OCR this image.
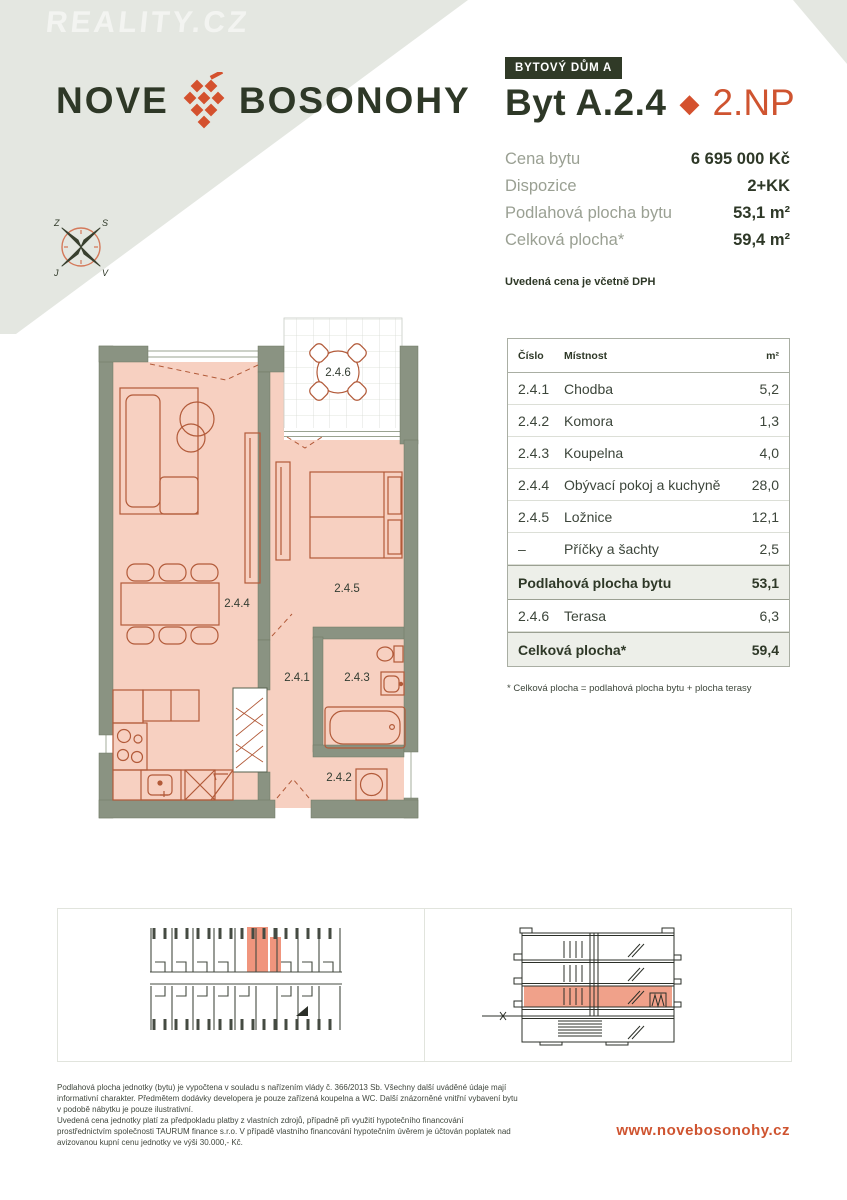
REALITY.CZ
NOVE BOSONOHY
Z	S
J	V
BYTOVÝ DŮM A
Byt A.2.4 ◆ 2.NP
Cena bytu	6 695 000 Kč
Dispozice	2+KK
Podlahová plocha bytu	53,1 m²
Celková plocha*	59,4 m²
Uvedená cena je včetně DPH
Číslo	Místnost	m²
2.4.1	Chodba	5,2
2.4.2	Komora	1,3
2.4.3	Koupelna	4,0
2.4.4	Obývací pokoj a kuchyně	28,0
2.4.5	Ložnice	12,1
–	Příčky a šachty	2,5
Podlahová plocha bytu	53,1
2.4.6	Terasa	6,3
Celková plocha*	59,4
* Celková plocha = podlahová plocha bytu + plocha terasy
2.4.6
2.4.4
2.4.5
2.4.1	2.4.3
2.4.2
Podlahová plocha jednotky (bytu) je vypočtena v souladu s nařízením vlády č. 366/2013 Sb. Všechny další uváděné údaje mají
informativní charakter. Předmětem dodávky developera je pouze zařízená koupelna a WC. Další znázorněné vnitřní vybavení bytu
v podobě nábytku je pouze ilustrativní.
Uvedená cena jednotky platí za předpokladu platby z vlastních zdrojů, případně při využití hypotečního financování
prostřednictvím společnosti TAURUM finance s.r.o. V případě vlastního financování hypotečním úvěrem je účtován poplatek nad
avizovanou kupní cenu jednotky ve výši 30.000,- Kč.
www.novebosonohy.cz
